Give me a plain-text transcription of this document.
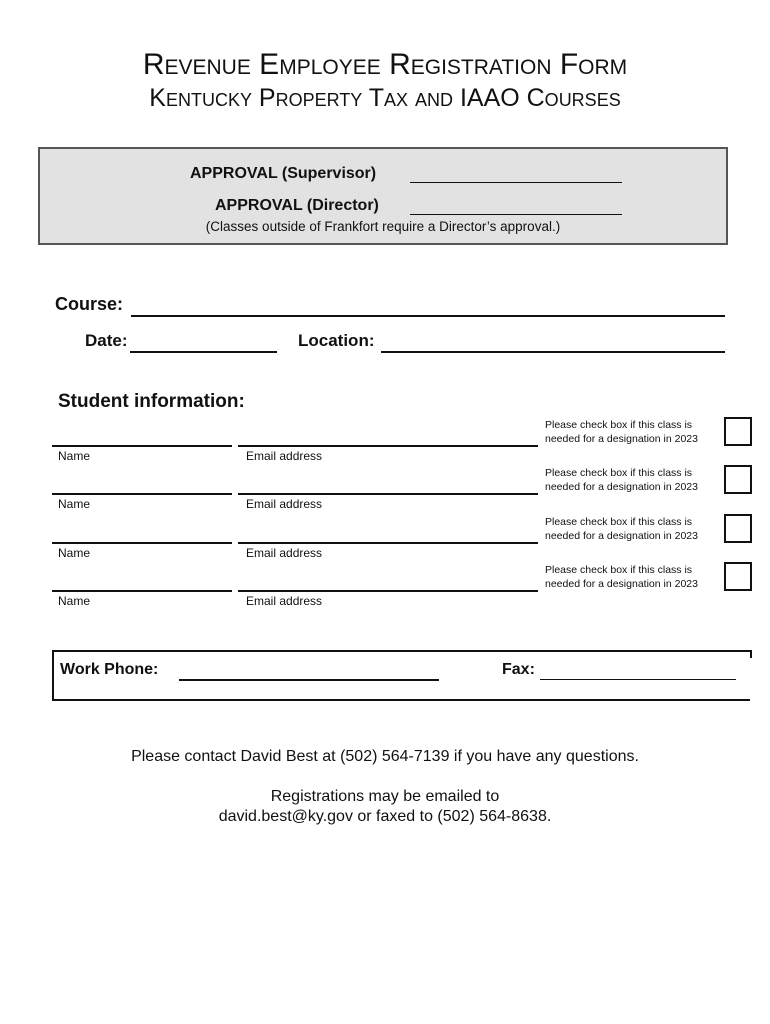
Revenue Employee Registration Form
Kentucky Property Tax and IAAO Courses
APPROVAL (Supervisor)
APPROVAL (Director)
(Classes outside of Frankfort require a Director’s approval.)
Course:
Date:	Location:
Student information:
Please check box if this class is needed for a designation in 2023
Name	Email address
Please check box if this class is needed for a designation in 2023
Name	Email address
Please check box if this class is needed for a designation in 2023
Name	Email address
Please check box if this class is needed for a designation in 2023
Name	Email address
Work Phone:	Fax:
Please contact David Best at (502) 564-7139 if you have any questions.
Registrations may be emailed to
david.best@ky.gov or faxed to (502) 564-8638.
